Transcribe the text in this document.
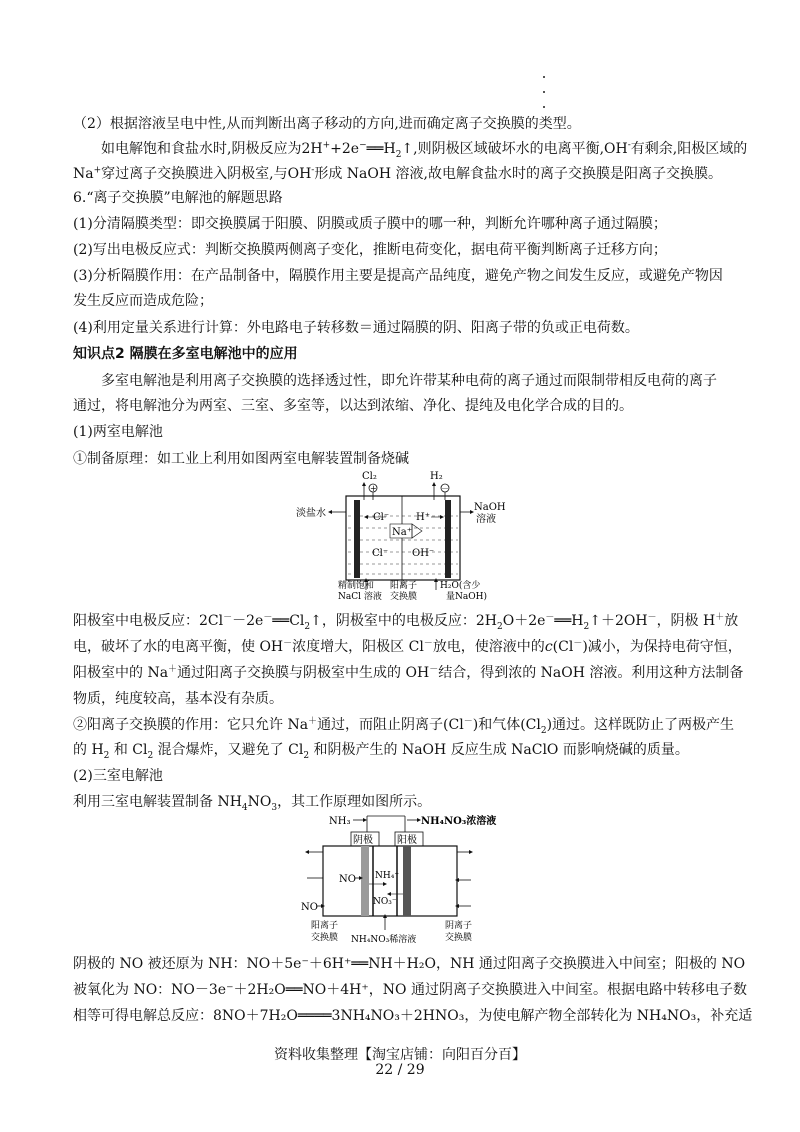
（2）根据溶液呈电中性,从而判断出离子移动的方向,进而确定离子交换膜的类型。
如电解饱和食盐水时,阴极反应为$2H^++2e^-══H_2↑$,则阴极区域破坏水的电离平衡,OH-有剩余,阳极区域的
Na+穿过离子交换膜进入阴极室,与OH-形成 NaOH 溶液,故电解食盐水时的离子交换膜是阳离子交换膜。
6.“离子交换膜”电解池的解题思路
(1)分清隔膜类型：即交换膜属于阳膜、阴膜或质子膜中的哪一种，判断允许哪种离子通过隔膜；
(2)写出电极反应式：判断交换膜两侧离子变化，推断电荷变化，据电荷平衡判断离子迁移方向；
(3)分析隔膜作用：在产品制备中，隔膜作用主要是提高产品纯度，避免产物之间发生反应，或避免产物因
发生反应而造成危险；
(4)利用定量关系进行计算：外电路电子转移数＝通过隔膜的阴、阳离子带的负或正电荷数。
知识点2 隔膜在多室电解池中的应用
多室电解池是利用离子交换膜的选择透过性，即允许带某种电荷的离子通过而限制带相反电荷的离子
通过，将电解池分为两室、三室、多室等，以达到浓缩、净化、提纯及电化学合成的目的。
(1)两室电解池
①制备原理：如工业上利用如图两室电解装置制备烧碱
Cl₂	H₂
+	－
Cl⁻	H⁺
Na⁺
Cl⁻ OH⁻
淡盐水
NaOH
溶液
精制饱和
NaCl 溶液
阳离子
交换膜
H₂O(含少
量NaOH)
阳极室中电极反应：$2Cl^--2e^-══Cl_2↑$，阴极室中的电极反应：$2H_2O+2e^-══H_2↑+2OH^-$，阴极 H＋放
电，破坏了水的电离平衡，使 OH－浓度增大，阳极区 Cl－放电，使溶液中的c(Cl－)减小，为保持电荷守恒，
阳极室中的 Na＋通过阳离子交换膜与阴极室中生成的 OH－结合，得到浓的 NaOH 溶液。利用这种方法制备
物质，纯度较高，基本没有杂质。
②阳离子交换膜的作用：它只允许 Na＋通过，而阻止阴离子(Cl－)和气体$(Cl_2)$通过。这样既防止了两极产生
的 $H_2$ 和 $Cl_2$ 混合爆炸，又避免了 $Cl_2$ 和阴极产生的 NaOH 反应生成 NaClO 而影响烧碱的质量。
(2)三室电解池
利用三室电解装置制备 $NH_4NO_3$，其工作原理如图所示。
NH₃	NH₄NO₃浓溶液
阴极 阳极
NO NH₄⁺
NO₃⁻
NO
阳离子
交换膜 NH₄NO₃稀溶液
阴离子
交换膜
阴极的 NO 被还原为 NH：NO＋5e⁻＋6H⁺══NH＋H₂O，NH 通过阳离子交换膜进入中间室；阳极的 NO
被氧化为 NO：NO－3e⁻＋2H₂O══NO＋4H⁺，NO 通过阴离子交换膜进入中间室。根据电路中转移电子数
相等可得电解总反应：8NO＋7H₂O════3NH₄NO₃＋2HNO₃，为使电解产物全部转化为 NH₄NO₃，补充适
资料收集整理【淘宝店铺：向阳百分百】
22 / 29
